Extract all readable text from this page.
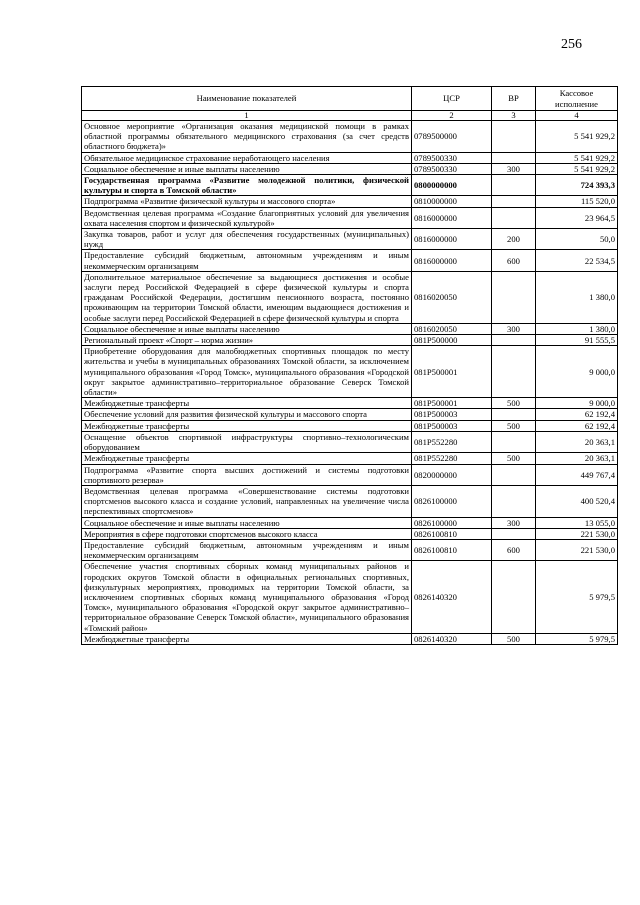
256
Наименование показателей	ЦСР	ВР	Кассовое исполнение
1	2	3	4
Основное мероприятие «Организация оказания медицинской помощи в рамках областной программы обязательного медицинского страхования (за счет средств областного бюджета)»	0789500000		5 541 929,2
Обязательное медицинское страхование неработающего населения	0789500330		5 541 929,2
Социальное обеспечение и иные выплаты населению	0789500330	300	5 541 929,2
Государственная программа «Развитие молодежной политики, физической культуры и спорта в Томской области»	0800000000		724 393,3
Подпрограмма «Развитие физической культуры и массового спорта»	0810000000		115 520,0
Ведомственная целевая программа «Создание благоприятных условий для увеличения охвата населения спортом и физической культурой»	0816000000		23 964,5
Закупка товаров, работ и услуг для обеспечения государственных (муниципальных) нужд	0816000000	200	50,0
Предоставление субсидий бюджетным, автономным учреждениям и иным некоммерческим организациям	0816000000	600	22 534,5
Дополнительное материальное обеспечение за выдающиеся достижения и особые заслуги перед Российской Федерацией в сфере физической культуры и спорта гражданам Российской Федерации, достигшим пенсионного возраста, постоянно проживающим на территории Томской области, имеющим выдающиеся достижения и особые заслуги перед Российской Федерацией в сфере физической культуры и спорта	0816020050		1 380,0
Социальное обеспечение и иные выплаты населению	0816020050	300	1 380,0
Региональный проект «Спорт – норма жизни»	081P500000		91 555,5
Приобретение оборудования для малобюджетных спортивных площадок по месту жительства и учебы в муниципальных образованиях Томской области, за исключением муниципального образования «Город Томск», муниципального образования «Городской округ закрытое административно–территориальное образование Северск Томской области»	081P500001		9 000,0
Межбюджетные трансферты	081P500001	500	9 000,0
Обеспечение условий для развития физической культуры и массового спорта	081P500003		62 192,4
Межбюджетные трансферты	081P500003	500	62 192,4
Оснащение объектов спортивной инфраструктуры спортивно–технологическим оборудованием	081P552280		20 363,1
Межбюджетные трансферты	081P552280	500	20 363,1
Подпрограмма «Развитие спорта высших достижений и системы подготовки спортивного резерва»	0820000000		449 767,4
Ведомственная целевая программа «Совершенствование системы подготовки спортсменов высокого класса и создание условий, направленных на увеличение числа перспективных спортсменов»	0826100000		400 520,4
Социальное обеспечение и иные выплаты населению	0826100000	300	13 055,0
Мероприятия в сфере подготовки спортсменов высокого класса	0826100810		221 530,0
Предоставление субсидий бюджетным, автономным учреждениям и иным некоммерческим организациям	0826100810	600	221 530,0
Обеспечение участия спортивных сборных команд муниципальных районов и городских округов Томской области в официальных региональных спортивных, физкультурных мероприятиях, проводимых на территории Томской области, за исключением спортивных сборных команд муниципального образования «Город Томск», муниципального образования «Городской округ закрытое административно–территориальное образование Северск Томской области», муниципального образования «Томский район»	0826140320		5 979,5
Межбюджетные трансферты	0826140320	500	5 979,5
